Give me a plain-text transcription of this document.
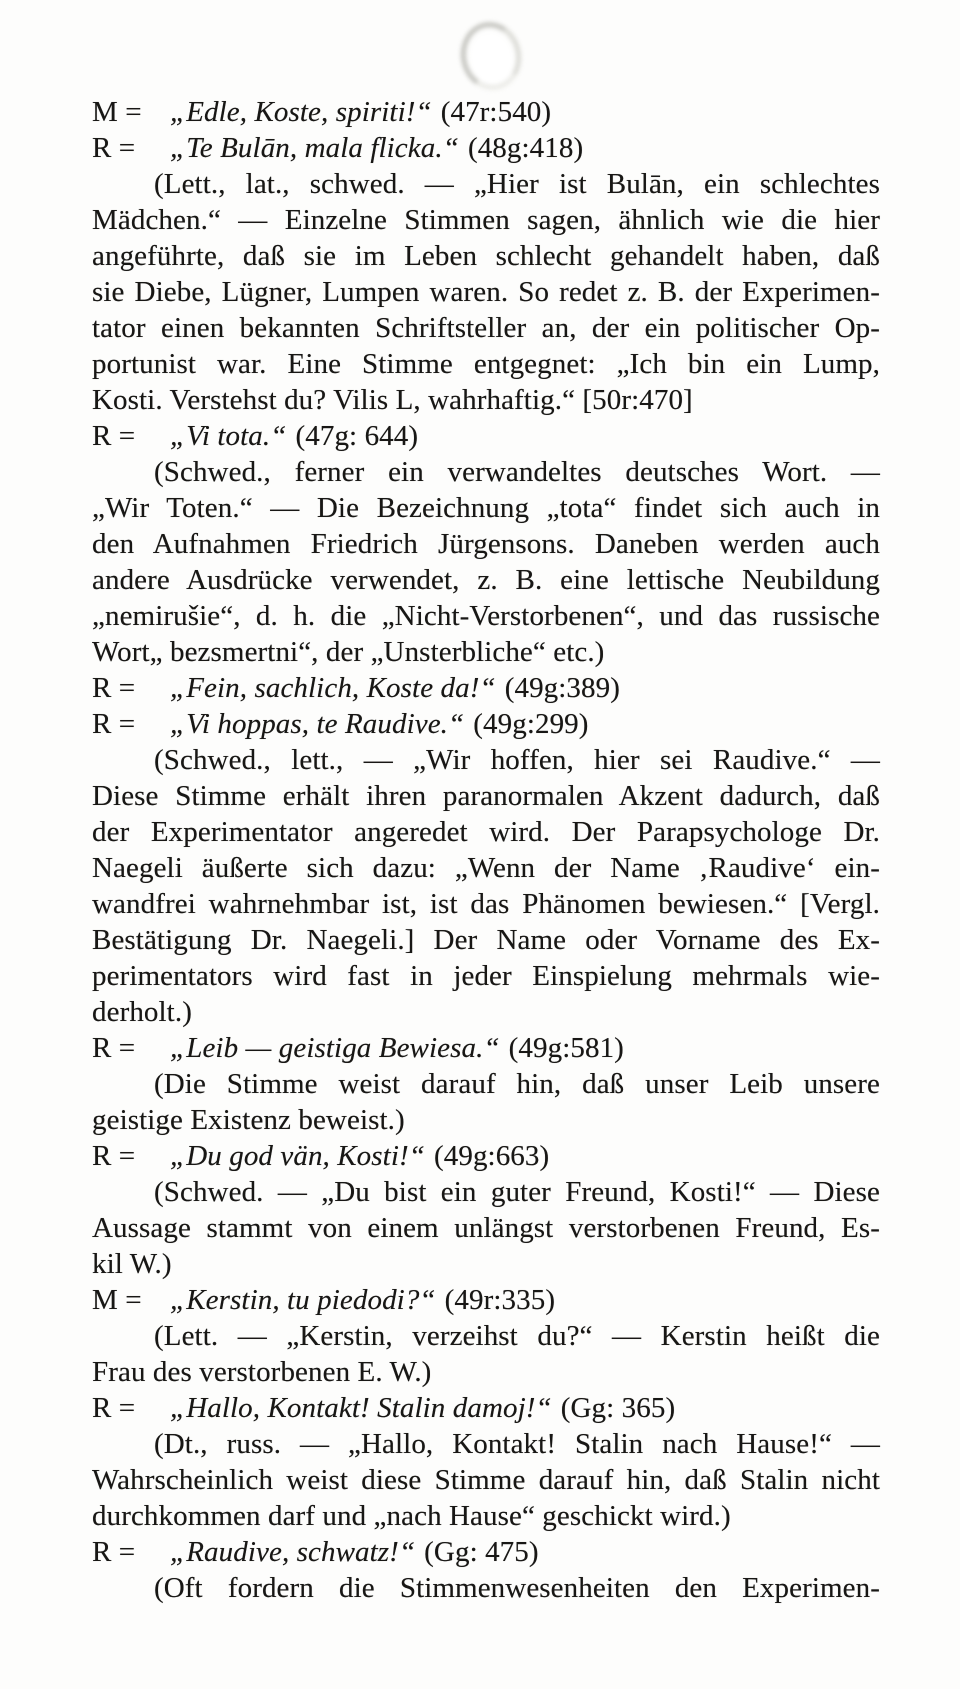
M = „Edle, Koste, spiriti!“ (47r:540)
R = „Te Bulān, mala flicka.“ (48g:418)
(Lett., lat., schwed. — „Hier ist Bulān, ein schlechtes
Mädchen.“ — Einzelne Stimmen sagen, ähnlich wie die hier
angeführte, daß sie im Leben schlecht gehandelt haben, daß
sie Diebe, Lügner, Lumpen waren. So redet z. B. der Experimen-
tator einen bekannten Schriftsteller an, der ein politischer Op-
portunist war. Eine Stimme entgegnet: „Ich bin ein Lump,
Kosti. Verstehst du? Vilis L, wahrhaftig.“ [50r:470]
R = „Vi tota.“ (47g: 644)
(Schwed., ferner ein verwandeltes deutsches Wort. —
„Wir Toten.“ — Die Bezeichnung „tota“ findet sich auch in
den Aufnahmen Friedrich Jürgensons. Daneben werden auch
andere Ausdrücke verwendet, z. B. eine lettische Neubildung
„nemirušie“, d. h. die „Nicht-Verstorbenen“, und das russische
Wort„ bezsmertni“, der „Unsterbliche“ etc.)
R = „Fein, sachlich, Koste da!“ (49g:389)
R = „Vi hoppas, te Raudive.“ (49g:299)
(Schwed., lett., — „Wir hoffen, hier sei Raudive.“ —
Diese Stimme erhält ihren paranormalen Akzent dadurch, daß
der Experimentator angeredet wird. Der Parapsychologe Dr.
Naegeli äußerte sich dazu: „Wenn der Name ‚Raudive‘ ein-
wandfrei wahrnehmbar ist, ist das Phänomen bewiesen.“ [Vergl.
Bestätigung Dr. Naegeli.] Der Name oder Vorname des Ex-
perimentators wird fast in jeder Einspielung mehrmals wie-
derholt.)
R = „Leib — geistiga Bewiesa.“ (49g:581)
(Die Stimme weist darauf hin, daß unser Leib unsere
geistige Existenz beweist.)
R = „Du god vän, Kosti!“ (49g:663)
(Schwed. — „Du bist ein guter Freund, Kosti!“ — Diese
Aussage stammt von einem unlängst verstorbenen Freund, Es-
kil W.)
M = „Kerstin, tu piedodi?“ (49r:335)
(Lett. — „Kerstin, verzeihst du?“ — Kerstin heißt die
Frau des verstorbenen E. W.)
R = „Hallo, Kontakt! Stalin damoj!“ (Gg: 365)
(Dt., russ. — „Hallo, Kontakt! Stalin nach Hause!“ —
Wahrscheinlich weist diese Stimme darauf hin, daß Stalin nicht
durchkommen darf und „nach Hause“ geschickt wird.)
R = „Raudive, schwatz!“ (Gg: 475)
(Oft fordern die Stimmenwesenheiten den Experimen-
